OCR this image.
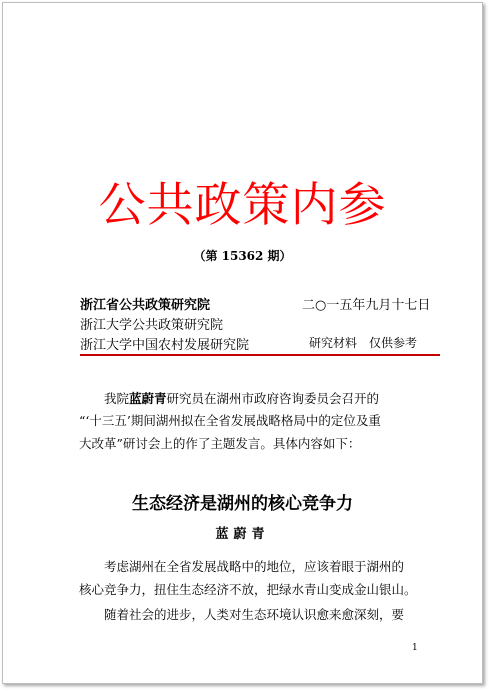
公共政策内参
（第 15362 期）
浙江省公共政策研究院	二○一五年九月十七日
浙江大学公共政策研究院
浙江大学中国农村发展研究院	研究材料　仅供参考
我院蓝蔚青研究员在湖州市政府咨询委员会召开的
“‘十三五’期间湖州拟在全省发展战略格局中的定位及重
大改革”研讨会上的作了主题发言。具体内容如下：
生态经济是湖州的核心竞争力
蓝蔚青
考虑湖州在全省发展战略中的地位，应该着眼于湖州的
核心竞争力，扭住生态经济不放，把绿水青山变成金山银山。
随着社会的进步，人类对生态环境认识愈来愈深刻，要
1
